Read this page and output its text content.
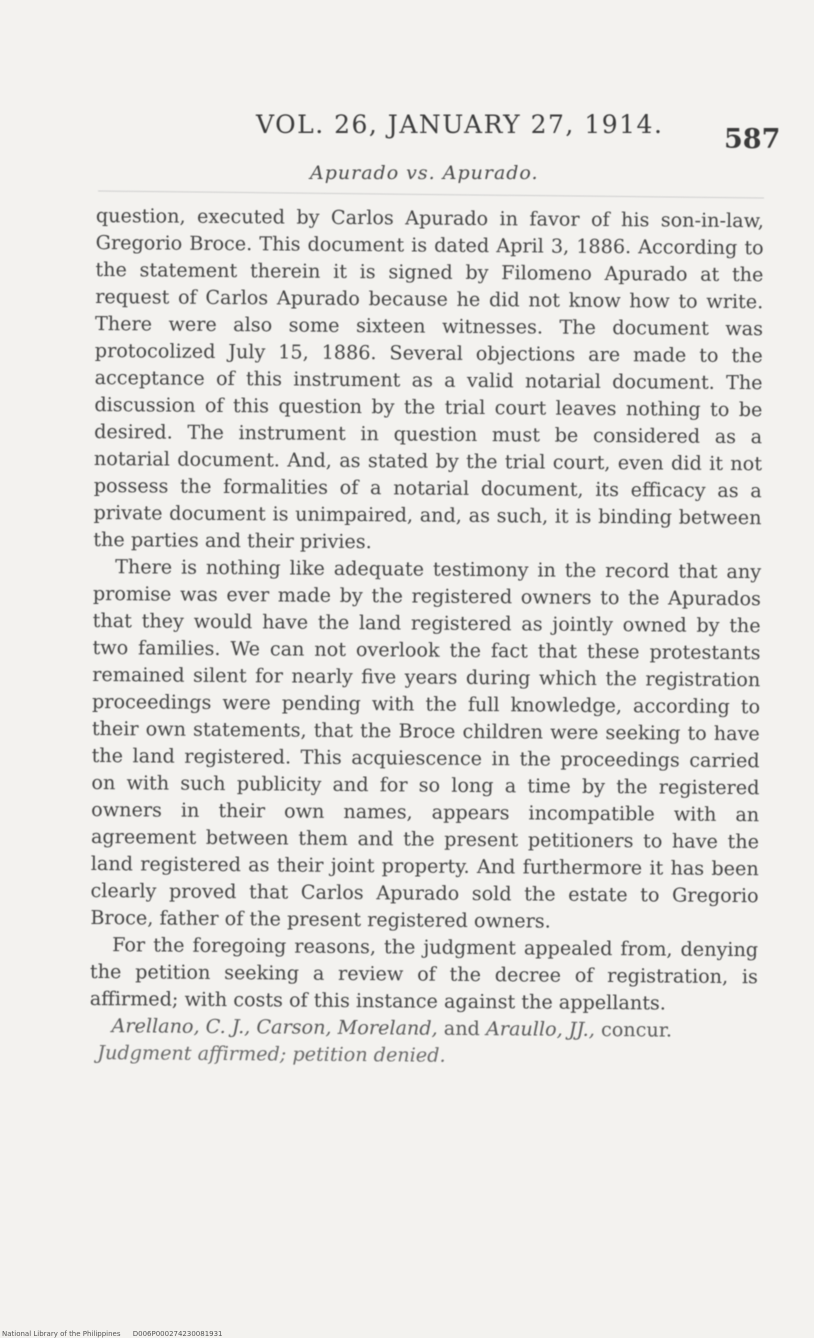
VOL. 26, JANUARY 27, 1914. 587
Apurado vs. Apurado.

question, executed by Carlos Apurado in favor of his son-in-law, Gregorio Broce. This document is dated April 3, 1886. According to the statement therein it is signed by Filomeno Apurado at the request of Carlos Apurado because he did not know how to write. There were also some sixteen witnesses. The document was protocolized July 15, 1886. Several objections are made to the acceptance of this instrument as a valid notarial document. The discussion of this question by the trial court leaves nothing to be desired. The instrument in question must be considered as a notarial document. And, as stated by the trial court, even did it not possess the formalities of a notarial document, its efficacy as a private document is unimpaired, and, as such, it is binding between the parties and their privies.

There is nothing like adequate testimony in the record that any promise was ever made by the registered owners to the Apurados that they would have the land registered as jointly owned by the two families. We can not overlook the fact that these protestants remained silent for nearly five years during which the registration proceedings were pending with the full knowledge, according to their own statements, that the Broce children were seeking to have the land registered. This acquiescence in the proceedings carried on with such publicity and for so long a time by the registered owners in their own names, appears incompatible with an agreement between them and the present petitioners to have the land registered as their joint property. And furthermore it has been clearly proved that Carlos Apurado sold the estate to Gregorio Broce, father of the present registered owners.

For the foregoing reasons, the judgment appealed from, denying the petition seeking a review of the decree of registration, is affirmed; with costs of this instance against the appellants.

Arellano, C. J., Carson, Moreland, and Araullo, JJ., concur.

Judgment affirmed; petition denied.

National Library of the Philippines D006P000274230081931
